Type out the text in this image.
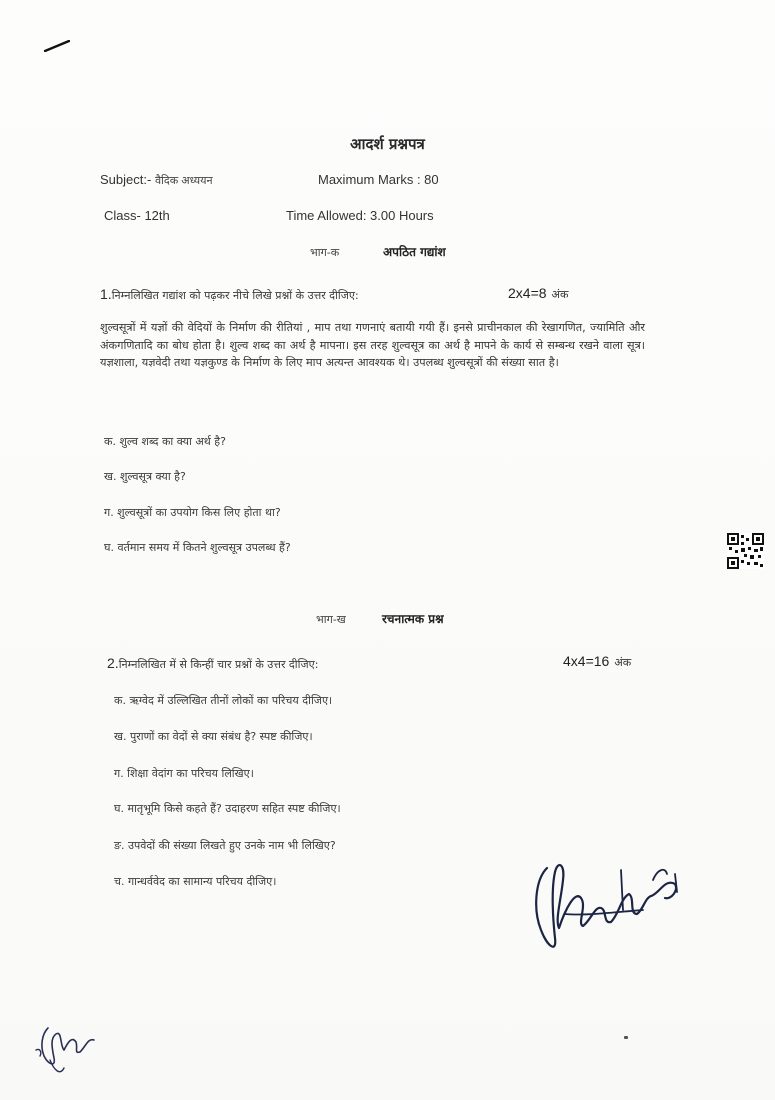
आदर्श प्रश्नपत्र
Subject:- वैदिक अध्ययन	Maximum Marks : 80
Class- 12th	Time Allowed: 3.00 Hours
भाग-क	अपठित गद्यांश
1.निम्नलिखित गद्यांश को पढ़कर नीचे लिखे प्रश्नों के उत्तर दीजिए:	2x4=8 अंक
शुल्वसूत्रों में यज्ञों की वेदियों के निर्माण की रीतियां , माप तथा गणनाएं बतायी गयी हैं। इनसे प्राचीनकाल की रेखागणित, ज्यामिति और अंकगणितादि का बोध होता है। शुल्व शब्द का अर्थ है मापना। इस तरह शुल्वसूत्र का अर्थ है मापने के कार्य से सम्बन्ध रखने वाला सूत्र। यज्ञशाला, यज्ञवेदी तथा यज्ञकुण्ड के निर्माण के लिए माप अत्यन्त आवश्यक थे। उपलब्ध शुल्वसूत्रों की संख्या सात है।
क. शुल्व शब्द का क्या अर्थ है?
ख. शुल्वसूत्र क्या है?
ग. शुल्वसूत्रों का उपयोग किस लिए होता था?
घ. वर्तमान समय में कितने शुल्वसूत्र उपलब्ध हैं?
भाग-ख	रचनात्मक प्रश्न
2.निम्नलिखित में से किन्हीं चार प्रश्नों के उत्तर दीजिए:	4x4=16 अंक
क. ऋग्वेद में उल्लिखित तीनों लोकों का परिचय दीजिए।
ख. पुराणों का वेदों से क्या संबंध है? स्पष्ट कीजिए।
ग. शिक्षा वेदांग का परिचय लिखिए।
घ. मातृभूमि किसे कहते हैं? उदाहरण सहित स्पष्ट कीजिए।
ङ. उपवेदों की संख्या लिखते हुए उनके नाम भी लिखिए?
च. गान्धर्ववेद का सामान्य परिचय दीजिए।
